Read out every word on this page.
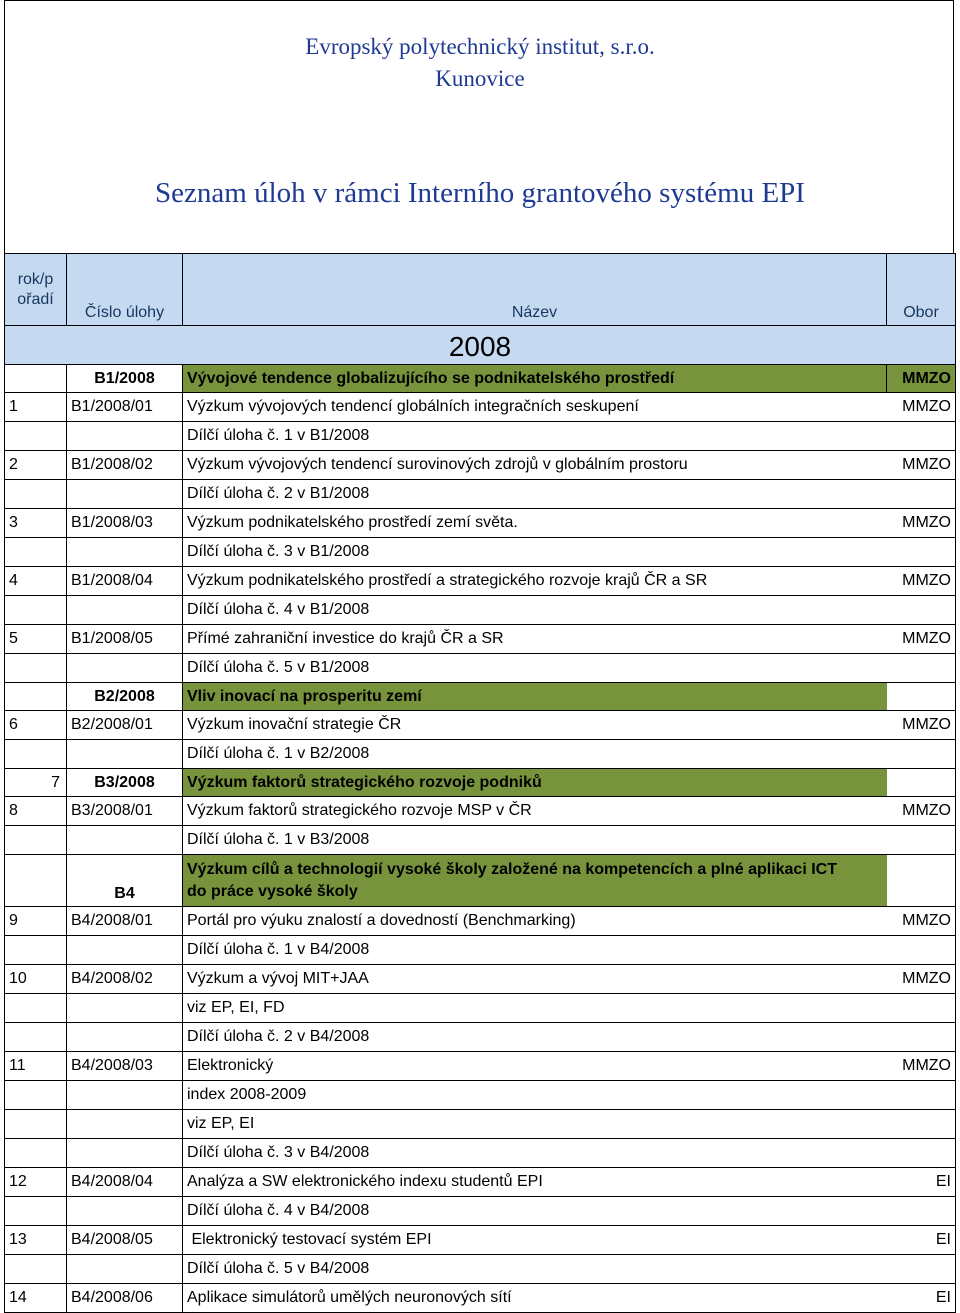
Evropský polytechnický institut, s.r.o.

Kunovice

Seznam úloh v rámci Interního grantového systému EPI

rok/p
ořadí	Číslo úlohy	Název	Obor
2008			
	B1/2008	Vývojové tendence globalizujícího se podnikatelského prostředí	MMZO
1	B1/2008/01	Výzkum vývojových tendencí globálních integračních seskupení	MMZO
		Dílčí úloha č. 1 v B1/2008	
2	B1/2008/02	Výzkum vývojových tendencí surovinových zdrojů v globálním prostoru	MMZO
		Dílčí úloha č. 2 v B1/2008	
3	B1/2008/03	Výzkum podnikatelského prostředí zemí světa.	MMZO
		Dílčí úloha č. 3 v B1/2008	
4	B1/2008/04	Výzkum podnikatelského prostředí a strategického rozvoje krajů ČR a SR	MMZO
		Dílčí úloha č. 4 v B1/2008	
5	B1/2008/05	Přímé zahraniční investice do krajů ČR a SR	MMZO
		Dílčí úloha č. 5 v B1/2008	
	B2/2008	Vliv inovací na prosperitu zemí	
6	B2/2008/01	Výzkum inovační strategie ČR	MMZO
		Dílčí úloha č. 1 v B2/2008	
7	B3/2008	Výzkum faktorů strategického rozvoje podniků	
8	B3/2008/01	Výzkum faktorů strategického rozvoje MSP v ČR	MMZO
		Dílčí úloha č. 1 v B3/2008	
	B4	Výzkum cílů a technologií vysoké školy založené na kompetencích a plné aplikaci ICT
do práce vysoké školy	

9	B4/2008/01	Portál pro výuku znalostí a dovedností (Benchmarking)	MMZO
		Dílčí úloha č. 1 v B4/2008	
10	B4/2008/02	Výzkum a vývoj MIT+JAA	MMZO
		viz EP, EI, FD	
		Dílčí úloha č. 2 v B4/2008	
11	B4/2008/03	Elektronický	MMZO
		index 2008-2009	
		viz EP, EI	
		Dílčí úloha č. 3 v B4/2008	
12	B4/2008/04	Analýza a SW elektronického indexu studentů EPI	EI
		Dílčí úloha č. 4 v B4/2008	
13	B4/2008/05	Elektronický testovací systém EPI	EI
		Dílčí úloha č. 5 v B4/2008	
14	B4/2008/06	Aplikace simulátorů umělých neuronových sítí	EI
